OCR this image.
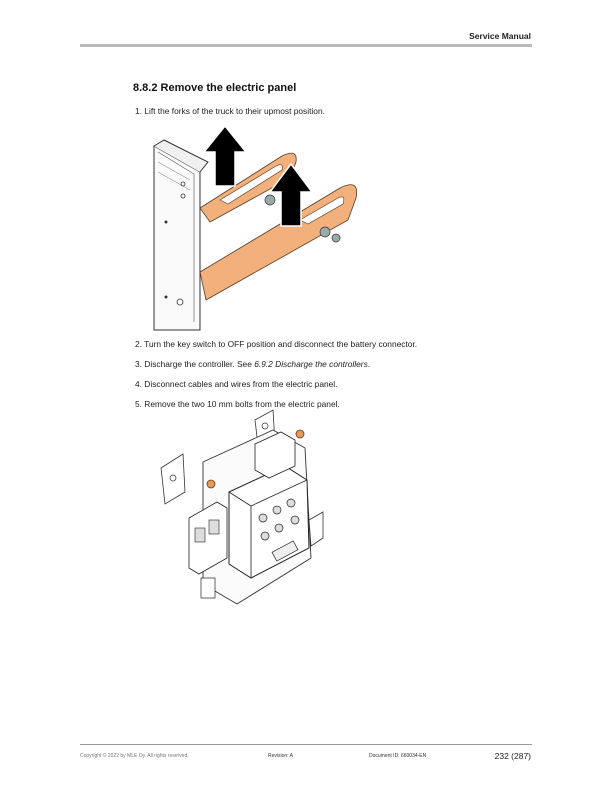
Service Manual
8.8.2 Remove the electric panel
1. Lift the forks of the truck to their upmost position.
2. Turn the key switch to OFF position and disconnect the battery connector.
3. Discharge the controller. See 6.9.2 Discharge the controllers.
4. Disconnect cables and wires from the electric panel.
5. Remove the two 10 mm bolts from the electric panel.
Copyright © 2022 by MLE Oy. All rights reserved.	Revision: A	Document ID: 660034-EN	232 (287)
